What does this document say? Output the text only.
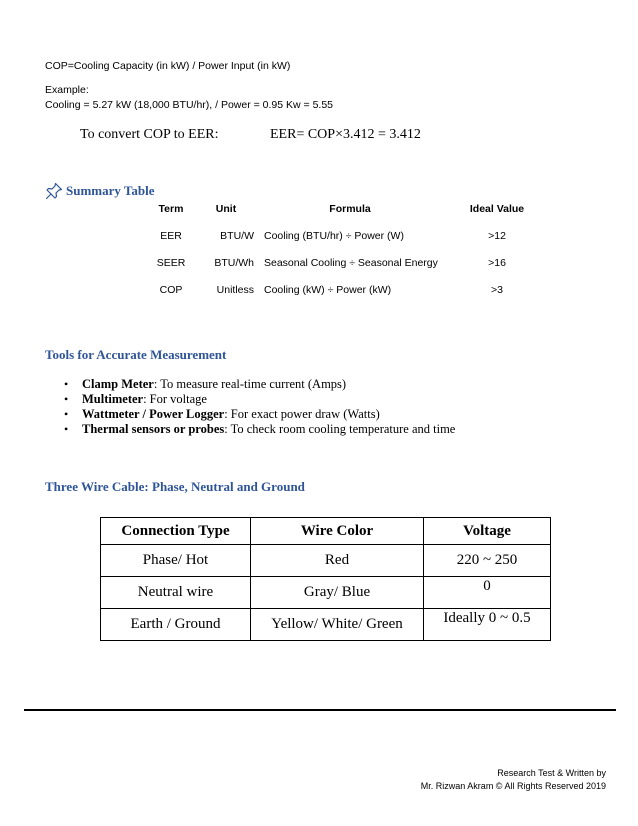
COP=Cooling Capacity (in kW) / Power Input (in kW)
Example:
Cooling = 5.27 kW (18,000 BTU/hr), / Power = 0.95 Kw = 5.55
To convert COP to EER:	EER= COP×3.412 = 3.412
Summary Table
Term	Unit	Formula	Ideal Value
EER	BTU/W	Cooling (BTU/hr) ÷ Power (W)	>12
SEER	BTU/Wh	Seasonal Cooling ÷ Seasonal Energy	>16
COP	Unitless	Cooling (kW) ÷ Power (kW)	>3
Tools for Accurate Measurement
• Clamp Meter: To measure real-time current (Amps)
• Multimeter: For voltage
• Wattmeter / Power Logger: For exact power draw (Watts)
• Thermal sensors or probes: To check room cooling temperature and time
Three Wire Cable: Phase, Neutral and Ground
Connection Type	Wire Color	Voltage
Phase/ Hot	Red	220 ~ 250
Neutral wire	Gray/ Blue	0
Earth / Ground	Yellow/ White/ Green	Ideally 0 ~ 0.5
Research Test & Written by
Mr. Rizwan Akram © All Rights Reserved 2019
